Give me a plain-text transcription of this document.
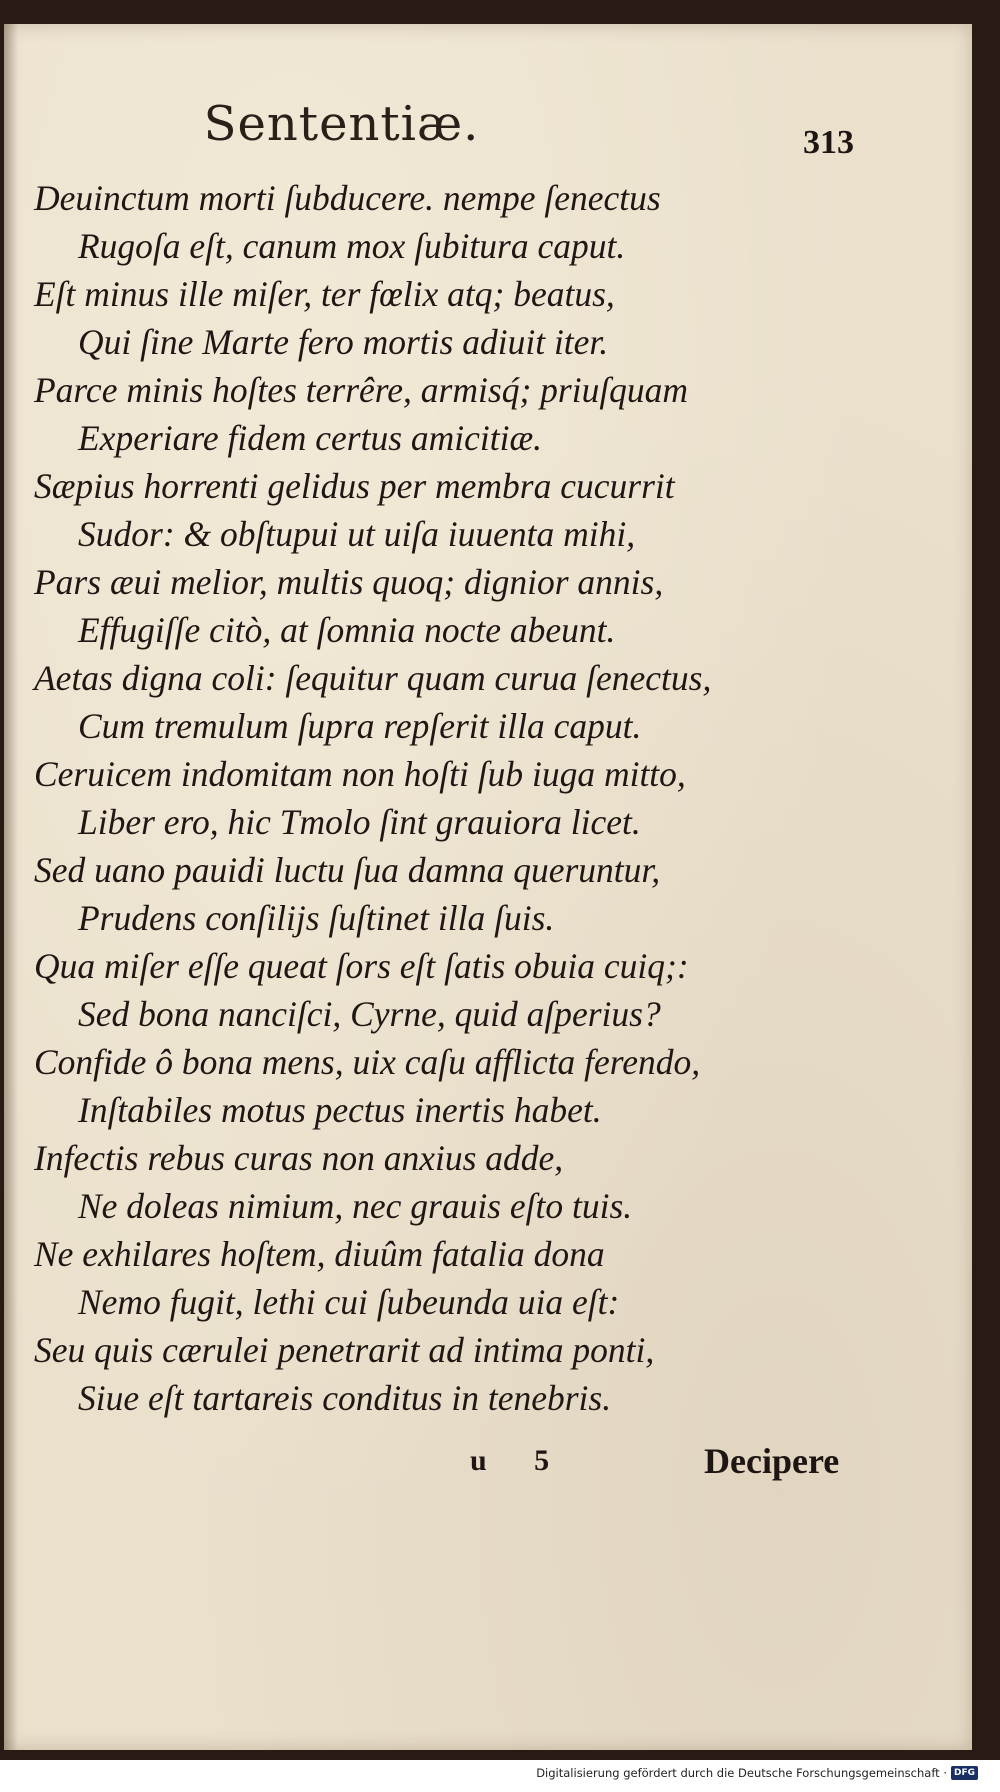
Sententiæ.	313
Deuinctum morti ſubducere. nempe ſenectus
Rugoſa eſt, canum mox ſubitura caput.
Eſt minus ille miſer, ter fœlix atq; beatus,
Qui ſine Marte fero mortis adiuit iter.
Parce minis hoſtes terrêre, armisq́; priuſquam
Experiare fidem certus amicitiæ.
Sæpius horrenti gelidus per membra cucurrit
Sudor: & obſtupui ut uiſa iuuenta mihi,
Pars æui melior, multis quoq; dignior annis,
Effugiſſe citò, at ſomnia nocte abeunt.
Aetas digna coli: ſequitur quam curua ſenectus,
Cum tremulum ſupra repſerit illa caput.
Ceruicem indomitam non hoſti ſub iuga mitto,
Liber ero, hic Tmolo ſint grauiora licet.
Sed uano pauidi luctu ſua damna queruntur,
Prudens conſilijs ſuſtinet illa ſuis.
Qua miſer eſſe queat ſors eſt ſatis obuia cuiq;:
Sed bona nanciſci, Cyrne, quid aſperius?
Confide ô bona mens, uix caſu afflicta ferendo,
Inſtabiles motus pectus inertis habet.
Infectis rebus curas non anxius adde,
Ne doleas nimium, nec grauis eſto tuis.
Ne exhilares hoſtem, diuûm fatalia dona
Nemo fugit, lethi cui ſubeunda uia eſt:
Seu quis cærulei penetrarit ad intima ponti,
Siue eſt tartareis conditus in tenebris.
u 5	Decipere
Digitalisierung gefördert durch die Deutsche Forschungsgemeinschaft · DFG
